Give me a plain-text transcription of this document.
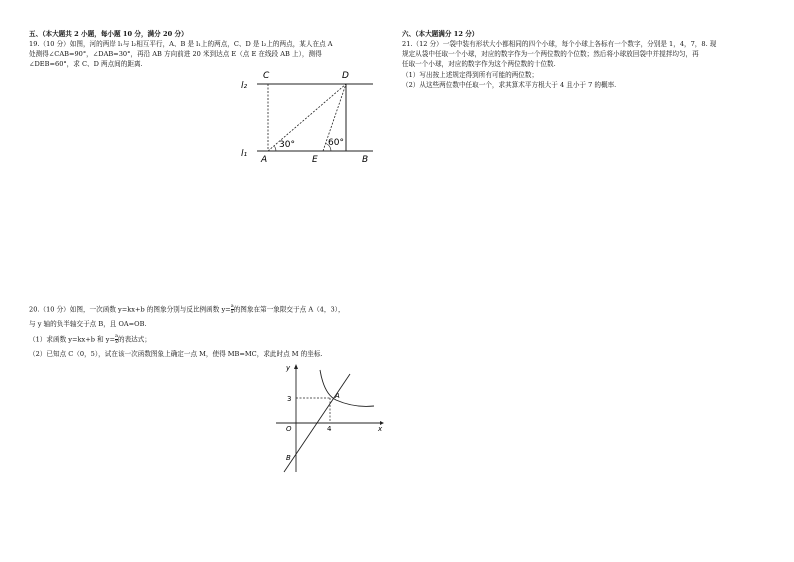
五、（本大题共 2 小题，每小题 10 分，满分 20 分）
19.（10 分）如图，河的两岸 l₁与 l₂相互平行，A、B 是 l₁上的两点，C、D 是 l₂上的两点，某人在点 A
处测得∠CAB=90°，∠DAB=30°，再沿 AB 方向前进 20 米到达点 E（点 E 在线段 AB 上），测得
∠DEB=60°，求 C、D 两点间的距离.
20.（10 分）如图，一次函数 y=kx+b 的图象分别与反比例函数 $y= \frac{a}{x}$ 的图象在第一象限交于点 A（4，3），
与 y 轴的负半轴交于点 B，且 OA=OB.
（1）求函数 y=kx+b 和 $y= \frac{a}{x}$ 的表达式；
（2）已知点 C（0，5），试在该一次函数图象上确定一点 M，使得 MB=MC，求此时点 M 的坐标.
l₂
l₁
C	D
A	E	B
30°	60°
y
x
O
A
B
3
4
六、（本大题满分 12 分）
21.（12 分）一袋中装有形状大小都相同的四个小球，每个小球上各标有一个数字，分别是 1，4，7，8. 现
规定从袋中任取一个小球，对应的数字作为一个两位数的个位数；然后将小球放回袋中并搅拌均匀，再
任取一个小球，对应的数字作为这个两位数的十位数.
（1）写出按上述规定得到所有可能的两位数；
（2）从这些两位数中任取一个，求其算术平方根大于 4 且小于 7 的概率.
